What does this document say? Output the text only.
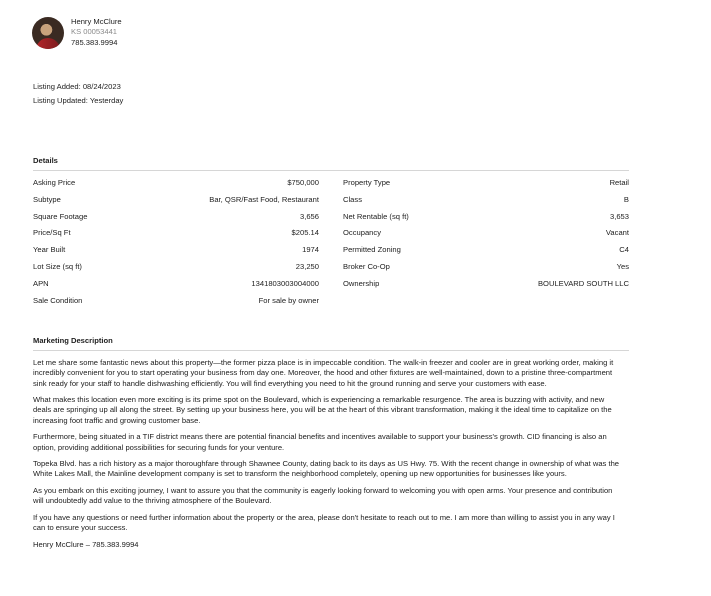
Henry McClure
KS 00053441
785.383.9994
Listing Added: 08/24/2023
Listing Updated: Yesterday
Details
Asking Price	$750,000
Subtype	Bar, QSR/Fast Food, Restaurant
Square Footage	3,656
Price/Sq Ft	$205.14
Year Built	1974
Lot Size (sq ft)	23,250
APN	1341803003004000
Sale Condition	For sale by owner
Property Type	Retail
Class	B
Net Rentable (sq ft)	3,653
Occupancy	Vacant
Permitted Zoning	C4
Broker Co-Op	Yes
Ownership	BOULEVARD SOUTH LLC
Marketing Description

Let me share some fantastic news about this property—the former pizza place is in impeccable condition. The walk-in freezer and cooler are in great working order, making it incredibly convenient for you to start operating your business from day one. Moreover, the hood and other fixtures are well-maintained, down to a pristine three-compartment sink ready for your staff to handle dishwashing efficiently. You will find everything you need to hit the ground running and serve your customers with ease.

What makes this location even more exciting is its prime spot on the Boulevard, which is experiencing a remarkable resurgence. The area is buzzing with activity, and new deals are springing up all along the street. By setting up your business here, you will be at the heart of this vibrant transformation, making it the ideal time to capitalize on the increasing foot traffic and growing customer base.

Furthermore, being situated in a TIF district means there are potential financial benefits and incentives available to support your business's growth. CID financing is also an option, providing additional possibilities for securing funds for your venture.

Topeka Blvd. has a rich history as a major thoroughfare through Shawnee County, dating back to its days as US Hwy. 75. With the recent change in ownership of what was the White Lakes Mall, the Mainline development company is set to transform the neighborhood completely, opening up new opportunities for businesses like yours.

As you embark on this exciting journey, I want to assure you that the community is eagerly looking forward to welcoming you with open arms. Your presence and contribution will undoubtedly add value to the thriving atmosphere of the Boulevard.

If you have any questions or need further information about the property or the area, please don't hesitate to reach out to me. I am more than willing to assist you in any way I can to ensure your success.

Henry McClure – 785.383.9994
